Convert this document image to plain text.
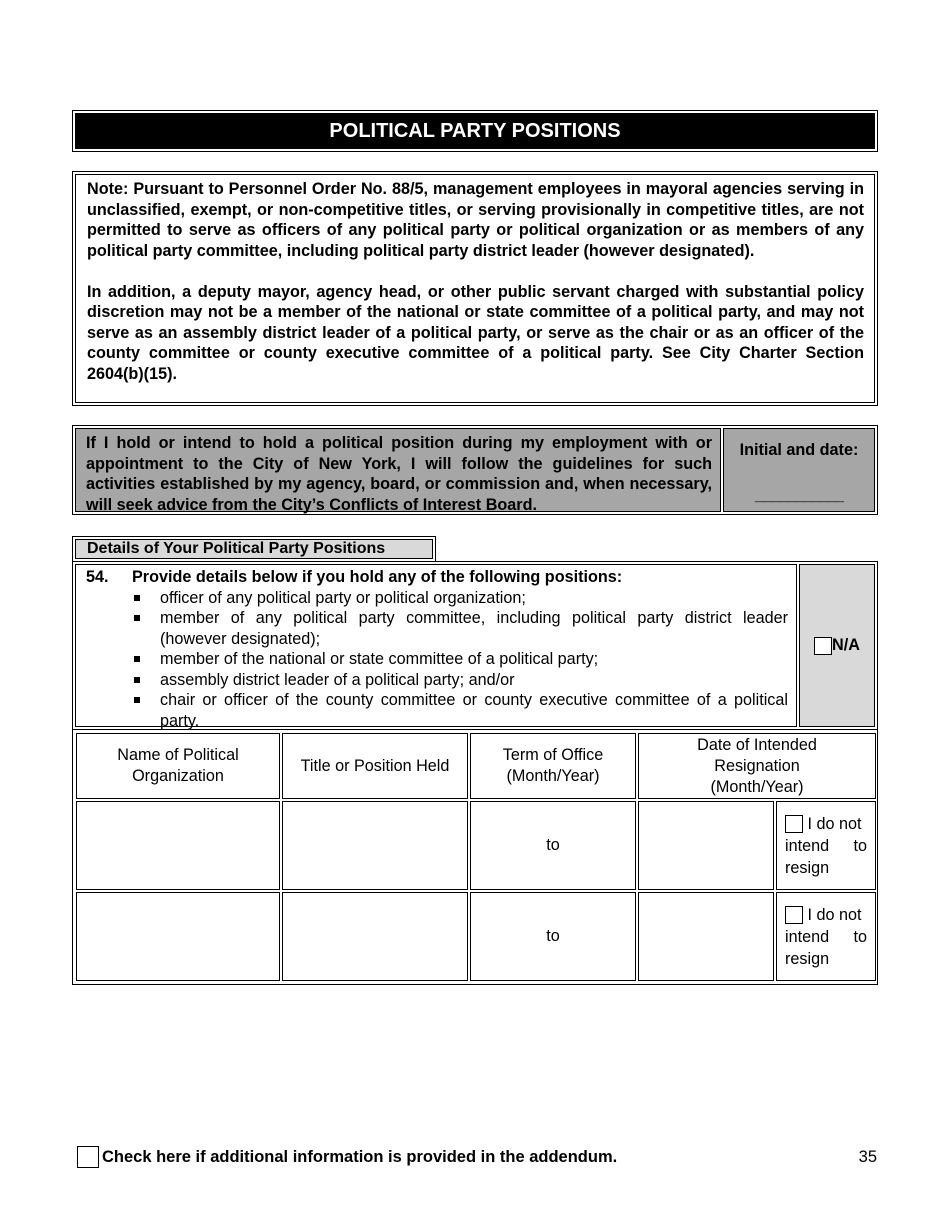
POLITICAL PARTY POSITIONS

Note: Pursuant to Personnel Order No. 88/5, management employees in mayoral agencies serving in unclassified, exempt, or non-competitive titles, or serving provisionally in competitive titles, are not permitted to serve as officers of any political party or political organization or as members of any political party committee, including political party district leader (however designated).

In addition, a deputy mayor, agency head, or other public servant charged with substantial policy discretion may not be a member of the national or state committee of a political party, and may not serve as an assembly district leader of a political party, or serve as the chair or as an officer of the county committee or county executive committee of a political party. See City Charter Section 2604(b)(15).

If I hold or intend to hold a political position during my employment with or appointment to the City of New York, I will follow the guidelines for such activities established by my agency, board, or commission and, when necessary, will seek advice from the City’s Conflicts of Interest Board.
Initial and date:
___________
Details of Your Political Party Positions
54.	Provide details below if you hold any of the following positions:
officer of any political party or political organization;
member of any political party committee, including political party district leader (however designated);
member of the national or state committee of a political party;
assembly district leader of a political party; and/or
chair or officer of the county committee or county executive committee of a political party.
N/A
Name of Political Organization	Title or Position Held	Term of Office (Month/Year)	Date of Intended Resignation (Month/Year)	
		to		I do not
intend to
resign

		to		I do not
intend to
resign
Check here if additional information is provided in the addendum.	35
